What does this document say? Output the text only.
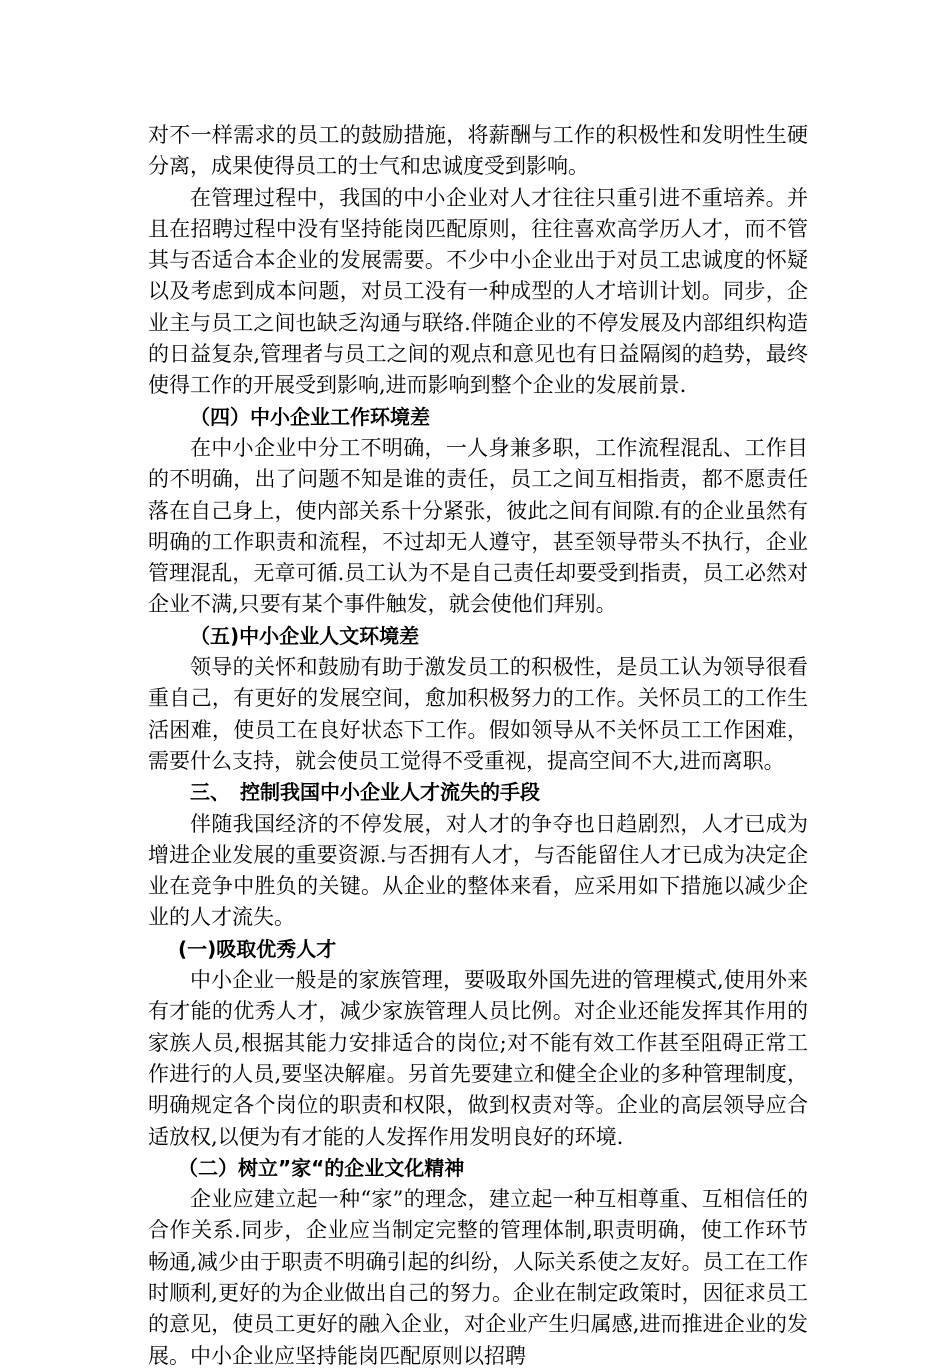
对不一样需求的员工的鼓励措施，将薪酬与工作的积极性和发明性生硬分离，成果使得员工的士气和忠诚度受到影响。

在管理过程中，我国的中小企业对人才往往只重引进不重培养。并且在招聘过程中没有坚持能岗匹配原则，往往喜欢高学历人才，而不管其与否适合本企业的发展需要。不少中小企业出于对员工忠诚度的怀疑以及考虑到成本问题，对员工没有一种成型的人才培训计划。同步，企业主与员工之间也缺乏沟通与联络.伴随企业的不停发展及内部组织构造的日益复杂,管理者与员工之间的观点和意见也有日益隔阂的趋势，最终使得工作的开展受到影响,进而影响到整个企业的发展前景.

（四）中小企业工作环境差

在中小企业中分工不明确，一人身兼多职，工作流程混乱、工作目的不明确，出了问题不知是谁的责任，员工之间互相指责，都不愿责任落在自己身上，使内部关系十分紧张，彼此之间有间隙.有的企业虽然有明确的工作职责和流程，不过却无人遵守，甚至领导带头不执行，企业管理混乱，无章可循.员工认为不是自己责任却要受到指责，员工必然对企业不满,只要有某个事件触发，就会使他们拜别。

（五)中小企业人文环境差

领导的关怀和鼓励有助于激发员工的积极性，是员工认为领导很看重自己，有更好的发展空间，愈加积极努力的工作。关怀员工的工作生活困难，使员工在良好状态下工作。假如领导从不关怀员工工作困难，需要什么支持，就会使员工觉得不受重视，提高空间不大,进而离职。

三、　控制我国中小企业人才流失的手段

伴随我国经济的不停发展，对人才的争夺也日趋剧烈，人才已成为增进企业发展的重要资源.与否拥有人才，与否能留住人才已成为决定企业在竞争中胜负的关键。从企业的整体来看，应采用如下措施以减少企业的人才流失。

(一)吸取优秀人才

中小企业一般是的家族管理，要吸取外国先进的管理模式,使用外来有才能的优秀人才，减少家族管理人员比例。对企业还能发挥其作用的家族人员,根据其能力安排适合的岗位;对不能有效工作甚至阻碍正常工作进行的人员,要坚决解雇。另首先要建立和健全企业的多种管理制度，明确规定各个岗位的职责和权限，做到权责对等。企业的高层领导应合适放权,以便为有才能的人发挥作用发明良好的环境.

（二）树立”家“的企业文化精神

企业应建立起一种“家”的理念，建立起一种互相尊重、互相信任的合作关系.同步，企业应当制定完整的管理体制,职责明确，使工作环节畅通,减少由于职责不明确引起的纠纷，人际关系使之友好。员工在工作时顺利,更好的为企业做出自己的努力。企业在制定政策时，因征求员工的意见，使员工更好的融入企业，对企业产生归属感,进而推进企业的发展。中小企业应坚持能岗匹配原则以招聘
